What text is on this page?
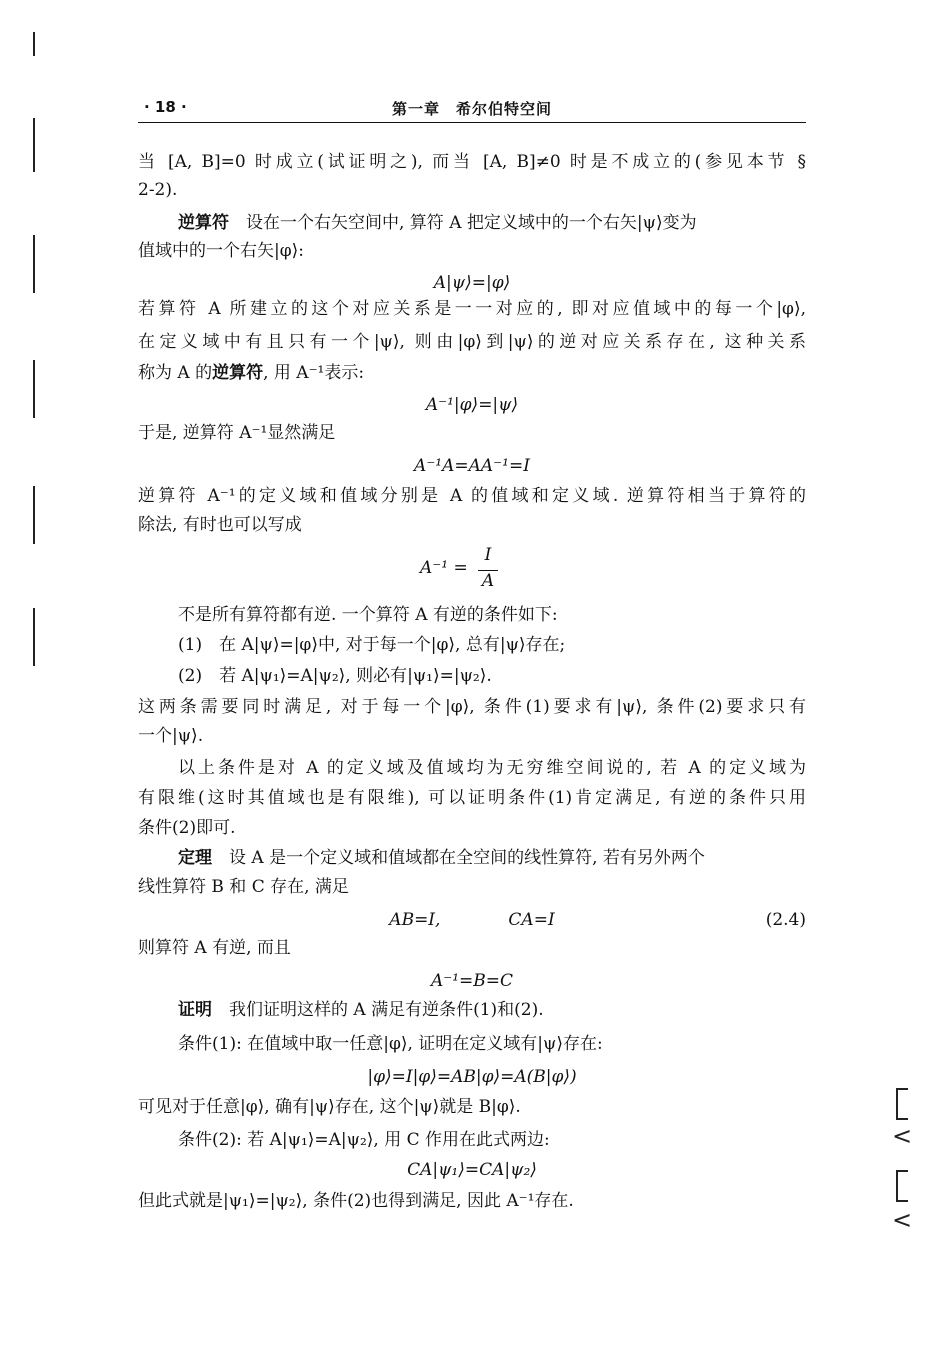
<
<
· 18 ·	第一章　希尔伯特空间
当 [A, B]=0 时成立(试证明之), 而当 [A, B]≠0 时是不成立的(参见本节 §
2-2).
逆算符　设在一个右矢空间中, 算符 A 把定义域中的一个右矢|ψ⟩变为
值域中的一个右矢|φ⟩:
A|ψ⟩=|φ⟩
若算符 A 所建立的这个对应关系是一一对应的, 即对应值域中的每一个|φ⟩,
在定义域中有且只有一个|ψ⟩, 则由|φ⟩到|ψ⟩的逆对应关系存在, 这种关系
称为 A 的逆算符, 用 A⁻¹表示:
A⁻¹|φ⟩=|ψ⟩
于是, 逆算符 A⁻¹显然满足
A⁻¹A=AA⁻¹=I
逆算符 A⁻¹的定义域和值域分别是 A 的值域和定义域. 逆算符相当于算符的
除法, 有时也可以写成
A⁻¹ =
I
A
不是所有算符都有逆. 一个算符 A 有逆的条件如下:
(1)　在 A|ψ⟩=|φ⟩中, 对于每一个|φ⟩, 总有|ψ⟩存在;
(2)　若 A|ψ₁⟩=A|ψ₂⟩, 则必有|ψ₁⟩=|ψ₂⟩.
这两条需要同时满足, 对于每一个|φ⟩, 条件(1)要求有|ψ⟩, 条件(2)要求只有
一个|ψ⟩.
以上条件是对 A 的定义域及值域均为无穷维空间说的, 若 A 的定义域为
有限维(这时其值域也是有限维), 可以证明条件(1)肯定满足, 有逆的条件只用
条件(2)即可.
定理　设 A 是一个定义域和值域都在全空间的线性算符, 若有另外两个
线性算符 B 和 C 存在, 满足
AB=I,　　　　CA=I	(2.4)
则算符 A 有逆, 而且
A⁻¹=B=C
证明　我们证明这样的 A 满足有逆条件(1)和(2).
条件(1): 在值域中取一任意|φ⟩, 证明在定义域有|ψ⟩存在:
|φ⟩=I|φ⟩=AB|φ⟩=A(B|φ⟩)
可见对于任意|φ⟩, 确有|ψ⟩存在, 这个|ψ⟩就是 B|φ⟩.
条件(2): 若 A|ψ₁⟩=A|ψ₂⟩, 用 C 作用在此式两边:
CA|ψ₁⟩=CA|ψ₂⟩
但此式就是|ψ₁⟩=|ψ₂⟩, 条件(2)也得到满足, 因此 A⁻¹存在.
